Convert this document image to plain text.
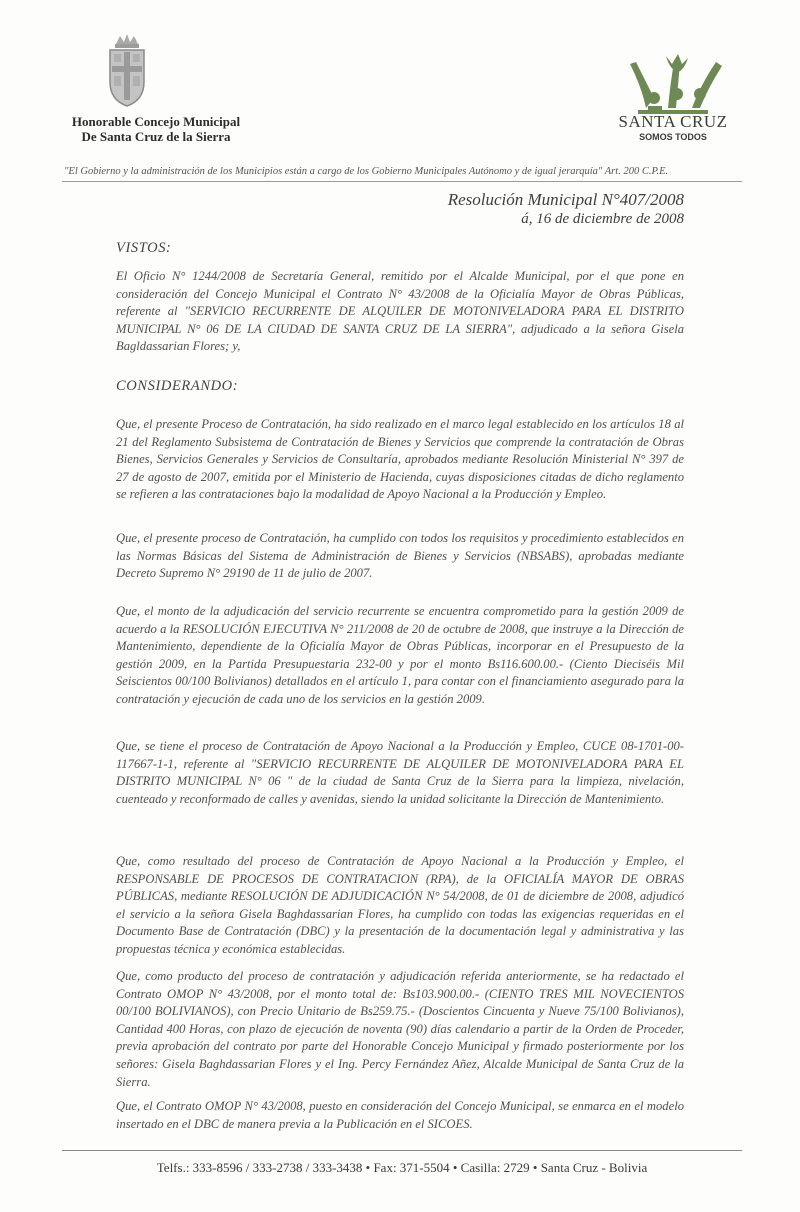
Honorable Concejo Municipal
De Santa Cruz de la Sierra
SANTA CRUZ
SOMOS TODOS
"El Gobierno y la administración de los Municipios están a cargo de los Gobierno Municipales Autónomo y de igual jerarquía" Art. 200 C.P.E.
Resolución Municipal N°407/2008
á, 16 de diciembre de 2008
VISTOS:

El Oficio N° 1244/2008 de Secretaría General, remitido por el Alcalde Municipal, por el que pone en consideración del Concejo Municipal el Contrato N° 43/2008 de la Oficialía Mayor de Obras Públicas, referente al "SERVICIO RECURRENTE DE ALQUILER DE MOTONIVELADORA PARA EL DISTRITO MUNICIPAL N° 06 DE LA CIUDAD DE SANTA CRUZ DE LA SIERRA", adjudicado a la señora Gisela Bagldassarian Flores; y,

CONSIDERANDO:

Que, el presente Proceso de Contratación, ha sido realizado en el marco legal establecido en los artículos 18 al 21 del Reglamento Subsistema de Contratación de Bienes y Servicios que comprende la contratación de Obras Bienes, Servicios Generales y Servicios de Consultaría, aprobados mediante Resolución Ministerial N° 397 de 27 de agosto de 2007, emitida por el Ministerio de Hacienda, cuyas disposiciones citadas de dicho reglamento se refieren a las contrataciones bajo la modalidad de Apoyo Nacional a la Producción y Empleo.

Que, el presente proceso de Contratación, ha cumplido con todos los requisitos y procedimiento establecidos en las Normas Básicas del Sistema de Administración de Bienes y Servicios (NBSABS), aprobadas mediante Decreto Supremo N° 29190 de 11 de julio de 2007.

Que, el monto de la adjudicación del servicio recurrente se encuentra comprometido para la gestión 2009 de acuerdo a la RESOLUCIÓN EJECUTIVA N° 211/2008 de 20 de octubre de 2008, que instruye a la Dirección de Mantenimiento, dependiente de la Oficialía Mayor de Obras Públicas, incorporar en el Presupuesto de la gestión 2009, en la Partida Presupuestaria 232-00 y por el monto Bs116.600.00.- (Ciento Dieciséis Mil Seiscientos 00/100 Bolivianos) detallados en el artículo 1, para contar con el financiamiento asegurado para la contratación y ejecución de cada uno de los servicios en la gestión 2009.

Que, se tiene el proceso de Contratación de Apoyo Nacional a la Producción y Empleo, CUCE 08-1701-00-117667-1-1, referente al "SERVICIO RECURRENTE DE ALQUILER DE MOTONIVELADORA PARA EL DISTRITO MUNICIPAL N° 06 " de la ciudad de Santa Cruz de la Sierra para la limpieza, nivelación, cuenteado y reconformado de calles y avenidas, siendo la unidad solicitante la Dirección de Mantenimiento.

Que, como resultado del proceso de Contratación de Apoyo Nacional a la Producción y Empleo, el RESPONSABLE DE PROCESOS DE CONTRATACION (RPA), de la OFICIALÍA MAYOR DE OBRAS PÚBLICAS, mediante RESOLUCIÓN DE ADJUDICACIÓN N° 54/2008, de 01 de diciembre de 2008, adjudicó el servicio a la señora Gisela Baghdassarian Flores, ha cumplido con todas las exigencias requeridas en el Documento Base de Contratación (DBC) y la presentación de la documentación legal y administrativa y las propuestas técnica y económica establecidas.

Que, como producto del proceso de contratación y adjudicación referida anteriormente, se ha redactado el Contrato OMOP N° 43/2008, por el monto total de: Bs103.900.00.- (CIENTO TRES MIL NOVECIENTOS 00/100 BOLIVIANOS), con Precio Unitario de Bs259.75.- (Doscientos Cincuenta y Nueve 75/100 Bolivianos), Cantidad 400 Horas, con plazo de ejecución de noventa (90) días calendario a partir de la Orden de Proceder, previa aprobación del contrato por parte del Honorable Concejo Municipal y firmado posteriormente por los señores: Gisela Baghdassarian Flores y el Ing. Percy Fernández Añez, Alcalde Municipal de Santa Cruz de la Sierra.

Que, el Contrato OMOP N° 43/2008, puesto en consideración del Concejo Municipal, se enmarca en el modelo insertado en el DBC de manera previa a la Publicación en el SICOES.

Telfs.: 333-8596 / 333-2738 / 333-3438 • Fax: 371-5504 • Casilla: 2729 • Santa Cruz - Bolivia
